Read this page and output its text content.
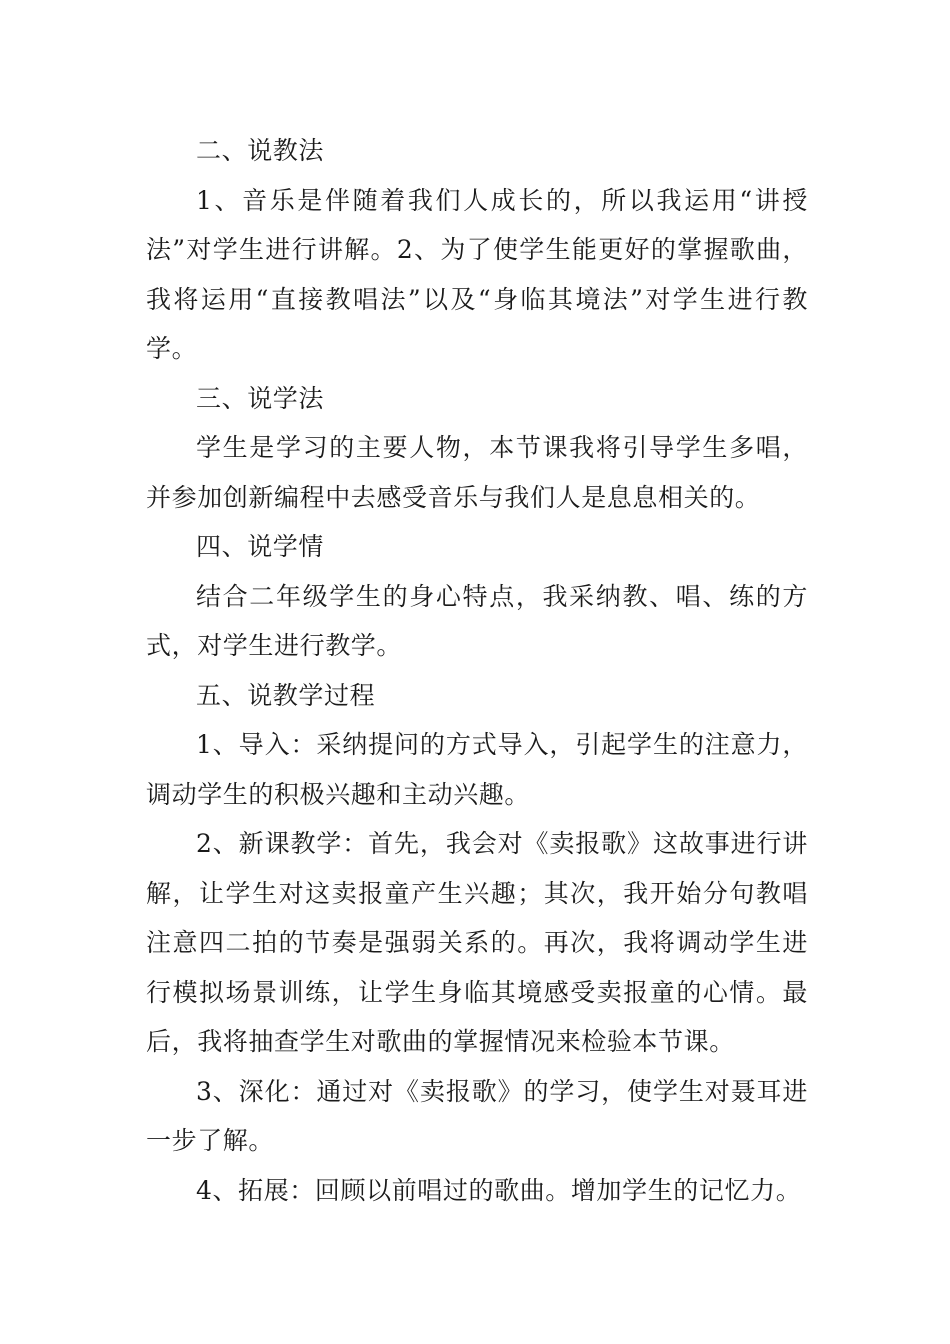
二、说教法

1、音乐是伴随着我们人成长的，所以我运用“讲授法”对学生进行讲解。2、为了使学生能更好的掌握歌曲，我将运用“直接教唱法”以及“身临其境法”对学生进行教学。

三、说学法

学生是学习的主要人物，本节课我将引导学生多唱，并参加创新编程中去感受音乐与我们人是息息相关的。

四、说学情

结合二年级学生的身心特点，我采纳教、唱、练的方式，对学生进行教学。

五、说教学过程

1、导入：采纳提问的方式导入，引起学生的注意力，调动学生的积极兴趣和主动兴趣。

2、新课教学：首先，我会对《卖报歌》这故事进行讲解，让学生对这卖报童产生兴趣；其次，我开始分句教唱注意四二拍的节奏是强弱关系的。再次，我将调动学生进行模拟场景训练，让学生身临其境感受卖报童的心情。最后，我将抽查学生对歌曲的掌握情况来检验本节课。

3、深化：通过对《卖报歌》的学习，使学生对聂耳进一步了解。

4、拓展：回顾以前唱过的歌曲。增加学生的记忆力。
